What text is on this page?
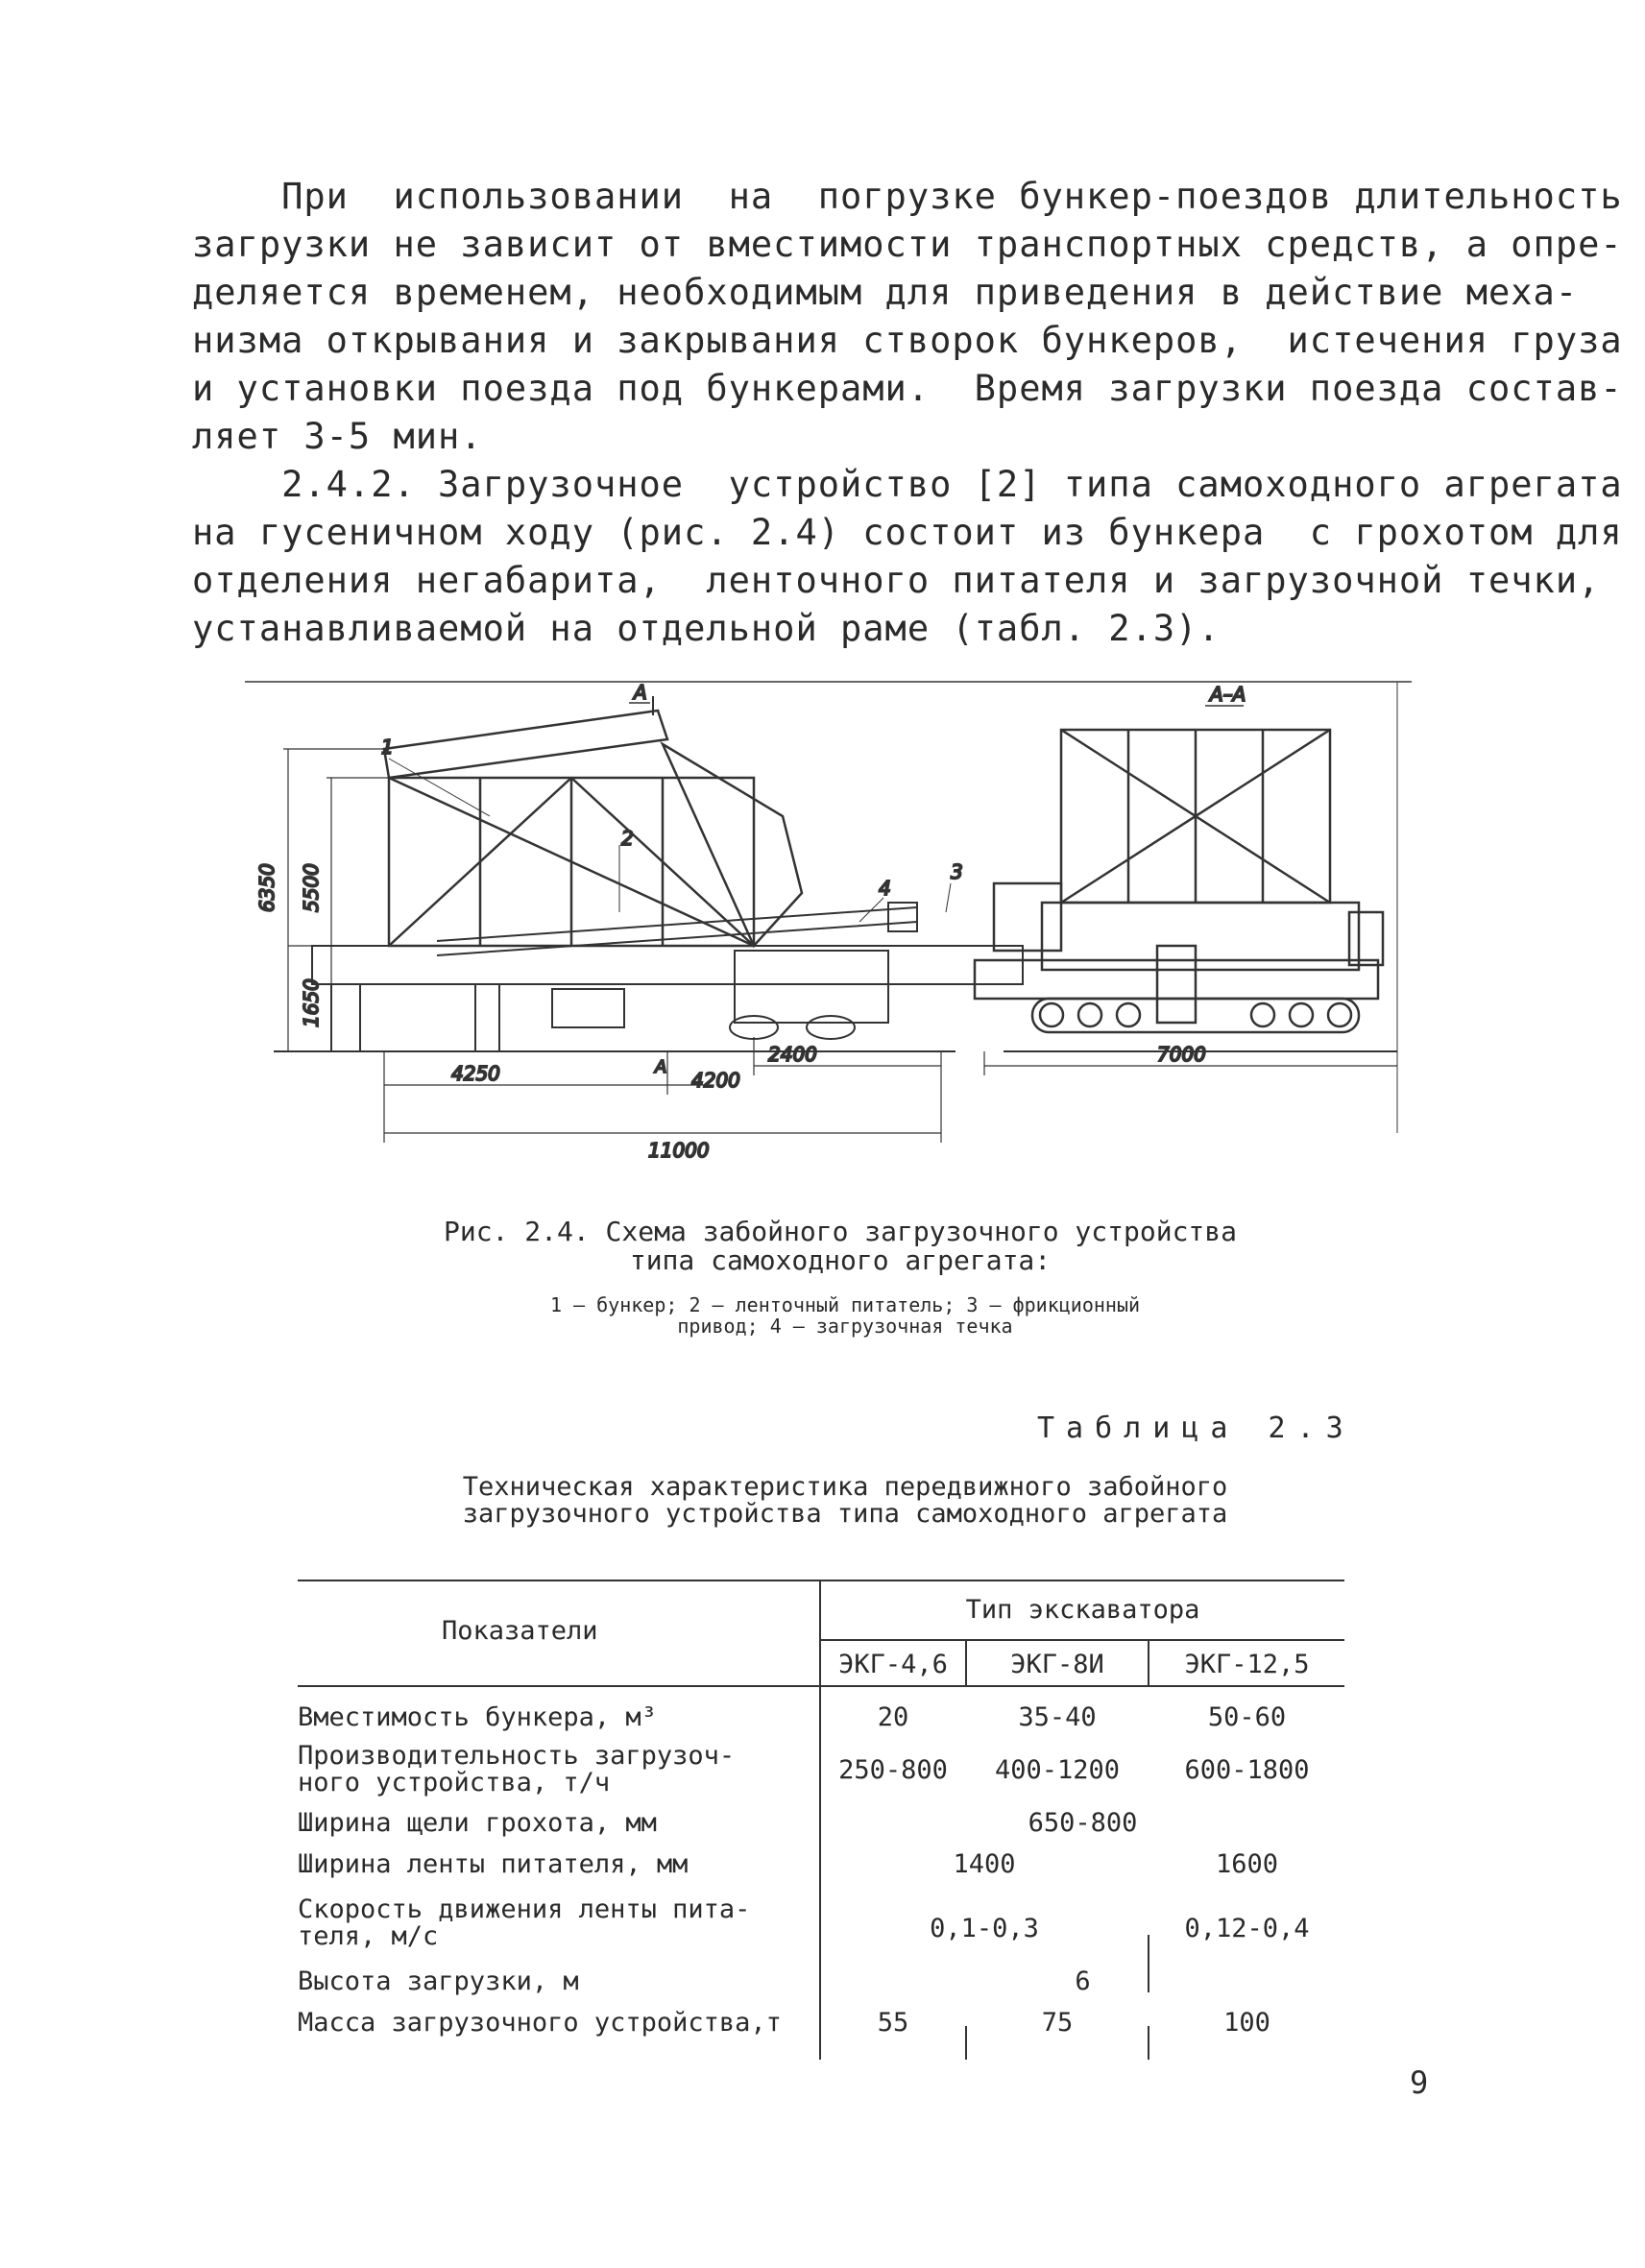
При  использовании  на  погрузке бункер-поездов длительность
загрузки не зависит от вместимости транспортных средств, а опре-
деляется временем, необходимым для приведения в действие меха-
низма открывания и закрывания створок бункеров,  истечения груза
и установки поезда под бункерами.  Время загрузки поезда состав-
ляет 3-5 мин.
2.4.2. Загрузочное  устройство [2] типа самоходного агрегата
на гусеничном ходу (рис. 2.4) состоит из бункера  с грохотом для
отделения негабарита,  ленточного питателя и загрузочной течки,
устанавливаемой на отдельной раме (табл. 2.3).
A	А–А
1
2
3
4
6350 5500
1650
4250	4200
2400
11000
7000
A

Рис. 2.4. Схема забойного загрузочного устройства

типа самоходного агрегата:

1 – бункер; 2 – ленточный питатель; 3 – фрикционный

привод; 4 – загрузочная течка

Таблица 2.3

Техническая характеристика передвижного забойного

загрузочного устройства типа самоходного агрегата

Показатели
Тип экскаватора
ЭКГ-4,6	ЭКГ-8И	ЭКГ-12,5
Вместимость бункера, м³	20	35-40	50-60
Производительность загрузоч-
ного устройства, т/ч	250-800	400-1200	600-1800
Ширина щели грохота, мм	650-800
Ширина ленты питателя, мм	1400	1600
Скорость движения ленты пита-
теля, м/с	0,1-0,3	0,12-0,4
Высота загрузки, м	6
Масса загрузочного устройства,т	55	75	100

9
